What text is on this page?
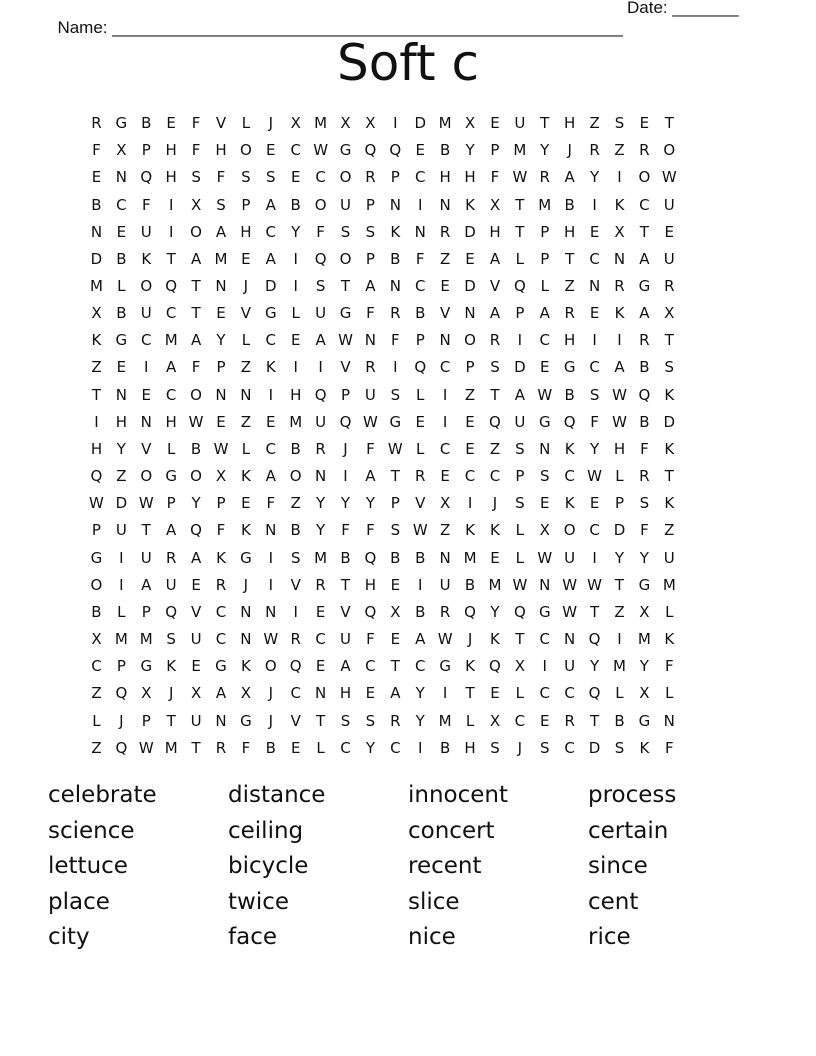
Name: ______________________________________________________

Date: _______

Soft c
R G B	E	F	V	L	J	X M X X	I	D M X	E U T H Z	S	E	T
F	X	P H F H O E C W G Q Q E	B	Y	P M Y	J	R Z R O
E N Q H S	F	S	S	E C O R	P	C H H F W R A	Y	I	O W
B C	F	I	X	S	P	A B O U P N	I	N K X	T M B	I	K C U
N E U	I	O A H C	Y	F	S	S	K N R D H T	P H E	X	T	E
D B K	T	A M E	A	I	Q O P	B	F	Z	E	A	L	P	T	C N A U
M L O Q T N	J	D	I	S	T	A N C E D V Q L	Z N R G R
X B U C	T	E	V G L	U G F	R B V N A	P	A R E	K A X
K G C M A	Y	L	C E	A W N F	P N O R	I	C H	I	I	R	T
Z	E	I	A	F	P	Z K	I	I	V R	I	Q C	P	S D E G C A B	S
T N E C O N N	I	H Q P U S	L	I	Z	T	A W B	S W Q K
I	H N H W E	Z	E M U Q W G E	I	E Q U G Q F W B D
H Y	V	L	B W L	C B R	J	F W L	C E	Z	S N K	Y H F	K
Q Z O G O X K A O N	I	A	T	R E C C	P	S C W L	R	T
W D W P	Y	P	E	F	Z	Y	Y	Y	P	V X	I	J	S	E	K	E	P	S	K
P U T	A Q F	K N B	Y	F	F	S W Z K	K	L	X O C D F	Z
G	I	U R A K G	I	S M B Q B B N M E	L W U	I	Y	Y U
O	I	A U E R	J	I	V R	T H E	I	U B M W N W W T G M
B	L	P Q V C N N	I	E	V Q X B R Q Y Q G W T	Z X	L
X M M S U C N W R C U	F	E	A W	J	K	T	C N Q	I	M K
C	P G K	E G K O Q E	A C	T	C G K Q X	I	U Y M Y	F
Z Q X	J	X A X	J	C N H E	A	Y	I	T	E	L	C C Q L	X	L
L	J	P	T U N G	J	V	T	S	S R	Y M L	X C E R	T	B G N
Z Q W M T	R	F	B	E	L	C	Y	C	I	B H S	J	S C D S	K	F
celebrate	distance	innocent	process
science	ceiling	concert	certain
lettuce	bicycle	recent	since
place	twice	slice	cent
city	face	nice	rice
